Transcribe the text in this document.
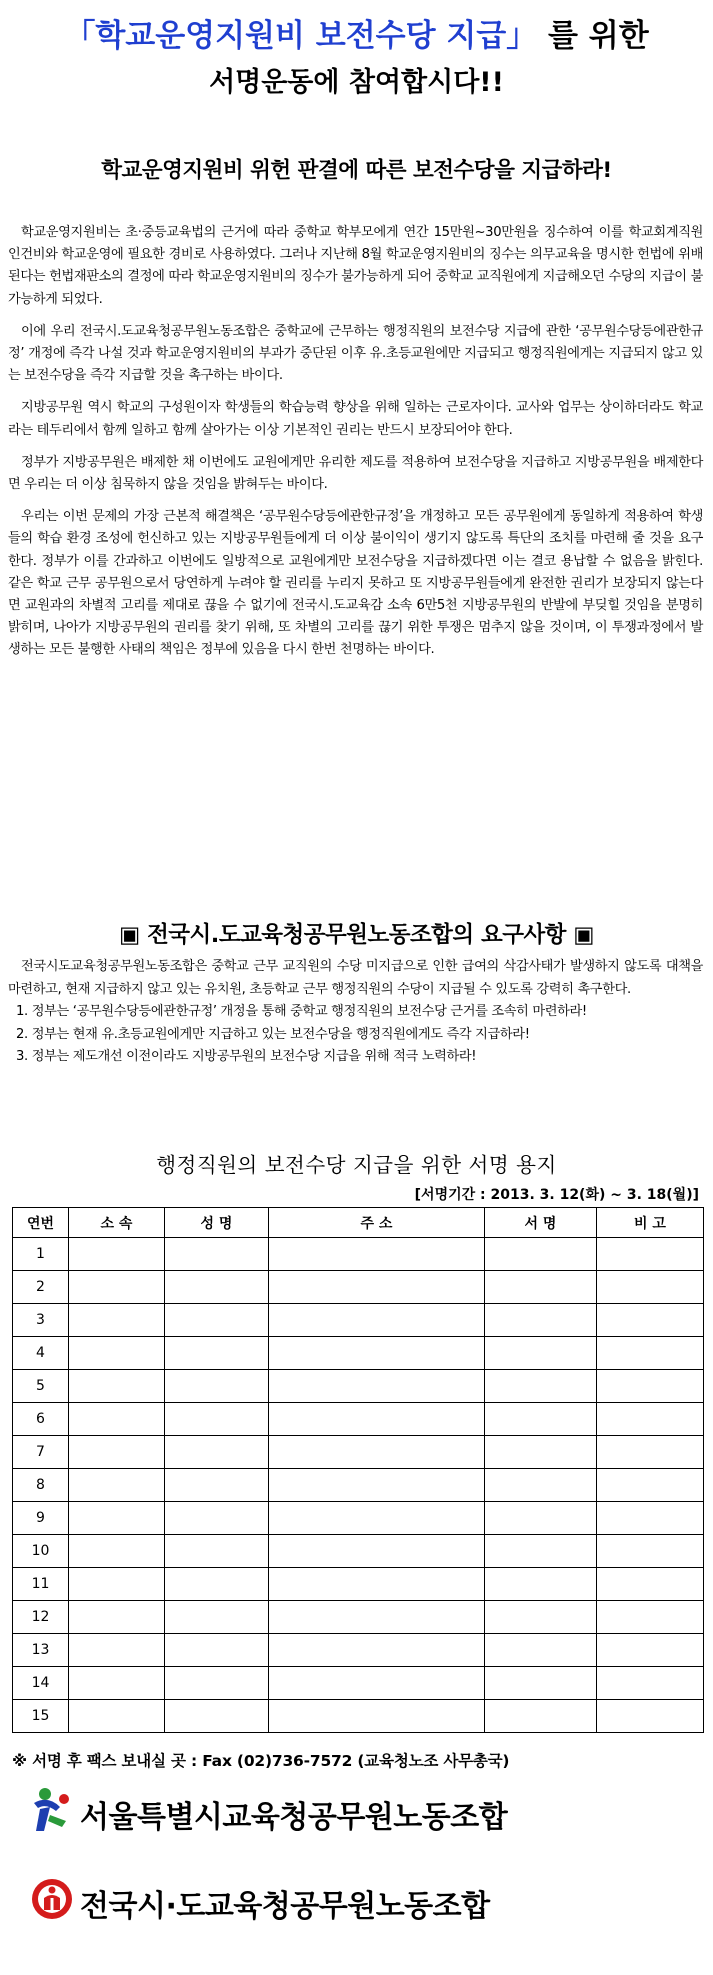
「학교운영지원비 보전수당 지급」 를 위한
서명운동에 참여합시다!!
학교운영지원비 위헌 판결에 따른 보전수당을 지급하라!

학교운영지원비는 초·중등교육법의 근거에 따라 중학교 학부모에게 연간 15만원~30만원을 징수하여 이를 학교회계직원 인건비와 학교운영에 필요한 경비로 사용하였다. 그러나 지난해 8월 학교운영지원비의 징수는 의무교육을 명시한 헌법에 위배된다는 헌법재판소의 결정에 따라 학교운영지원비의 징수가 불가능하게 되어 중학교 교직원에게 지급해오던 수당의 지급이 불가능하게 되었다.

이에 우리 전국시.도교육청공무원노동조합은 중학교에 근무하는 행정직원의 보전수당 지급에 관한 ‘공무원수당등에관한규정’ 개정에 즉각 나설 것과 학교운영지원비의 부과가 중단된 이후 유.초등교원에만 지급되고 행정직원에게는 지급되지 않고 있는 보전수당을 즉각 지급할 것을 촉구하는 바이다.

지방공무원 역시 학교의 구성원이자 학생들의 학습능력 향상을 위해 일하는 근로자이다. 교사와 업무는 상이하더라도 학교라는 테두리에서 함께 일하고 함께 살아가는 이상 기본적인 권리는 반드시 보장되어야 한다.

정부가 지방공무원은 배제한 채 이번에도 교원에게만 유리한 제도를 적용하여 보전수당을 지급하고 지방공무원을 배제한다면 우리는 더 이상 침묵하지 않을 것임을 밝혀두는 바이다.

우리는 이번 문제의 가장 근본적 해결책은 ‘공무원수당등에관한규정’을 개정하고 모든 공무원에게 동일하게 적용하여 학생들의 학습 환경 조성에 헌신하고 있는 지방공무원들에게 더 이상 불이익이 생기지 않도록 특단의 조치를 마련해 줄 것을 요구한다. 정부가 이를 간과하고 이번에도 일방적으로 교원에게만 보전수당을 지급하겠다면 이는 결코 용납할 수 없음을 밝힌다. 같은 학교 근무 공무원으로서 당연하게 누려야 할 권리를 누리지 못하고 또 지방공무원들에게 완전한 권리가 보장되지 않는다면 교원과의 차별적 고리를 제대로 끊을 수 없기에 전국시.도교육감 소속 6만5천 지방공무원의 반발에 부딪힐 것임을 분명히 밝히며, 나아가 지방공무원의 권리를 찾기 위해, 또 차별의 고리를 끊기 위한 투쟁은 멈추지 않을 것이며, 이 투쟁과정에서 발생하는 모든 불행한 사태의 책임은 정부에 있음을 다시 한번 천명하는 바이다.

▣ 전국시.도교육청공무원노동조합의 요구사항 ▣

전국시도교육청공무원노동조합은 중학교 근무 교직원의 수당 미지급으로 인한 급여의 삭감사태가 발생하지 않도록 대책을 마련하고, 현재 지급하지 않고 있는 유치원, 초등학교 근무 행정직원의 수당이 지급될 수 있도록 강력히 촉구한다.

1. 정부는 ‘공무원수당등에관한규정’ 개정을 통해 중학교 행정직원의 보전수당 근거를 조속히 마련하라!
2. 정부는 현재 유.초등교원에게만 지급하고 있는 보전수당을 행정직원에게도 즉각 지급하라!
3. 정부는 제도개선 이전이라도 지방공무원의 보전수당 지급을 위해 적극 노력하라!
행정직원의 보전수당 지급을 위한 서명 용지
[서명기간 : 2013. 3. 12(화) ~ 3. 18(월)]
연번	소 속	성 명	주 소	서 명	비 고
1					
2					
3					
4					
5					
6					
7					
8					
9					
10					
11					
12					
13					
14					
15					
※ 서명 후 팩스 보내실 곳 : Fax (02)736-7572 (교육청노조 사무총국)
서울특별시교육청공무원노동조합
전국시·도교육청공무원노동조합
